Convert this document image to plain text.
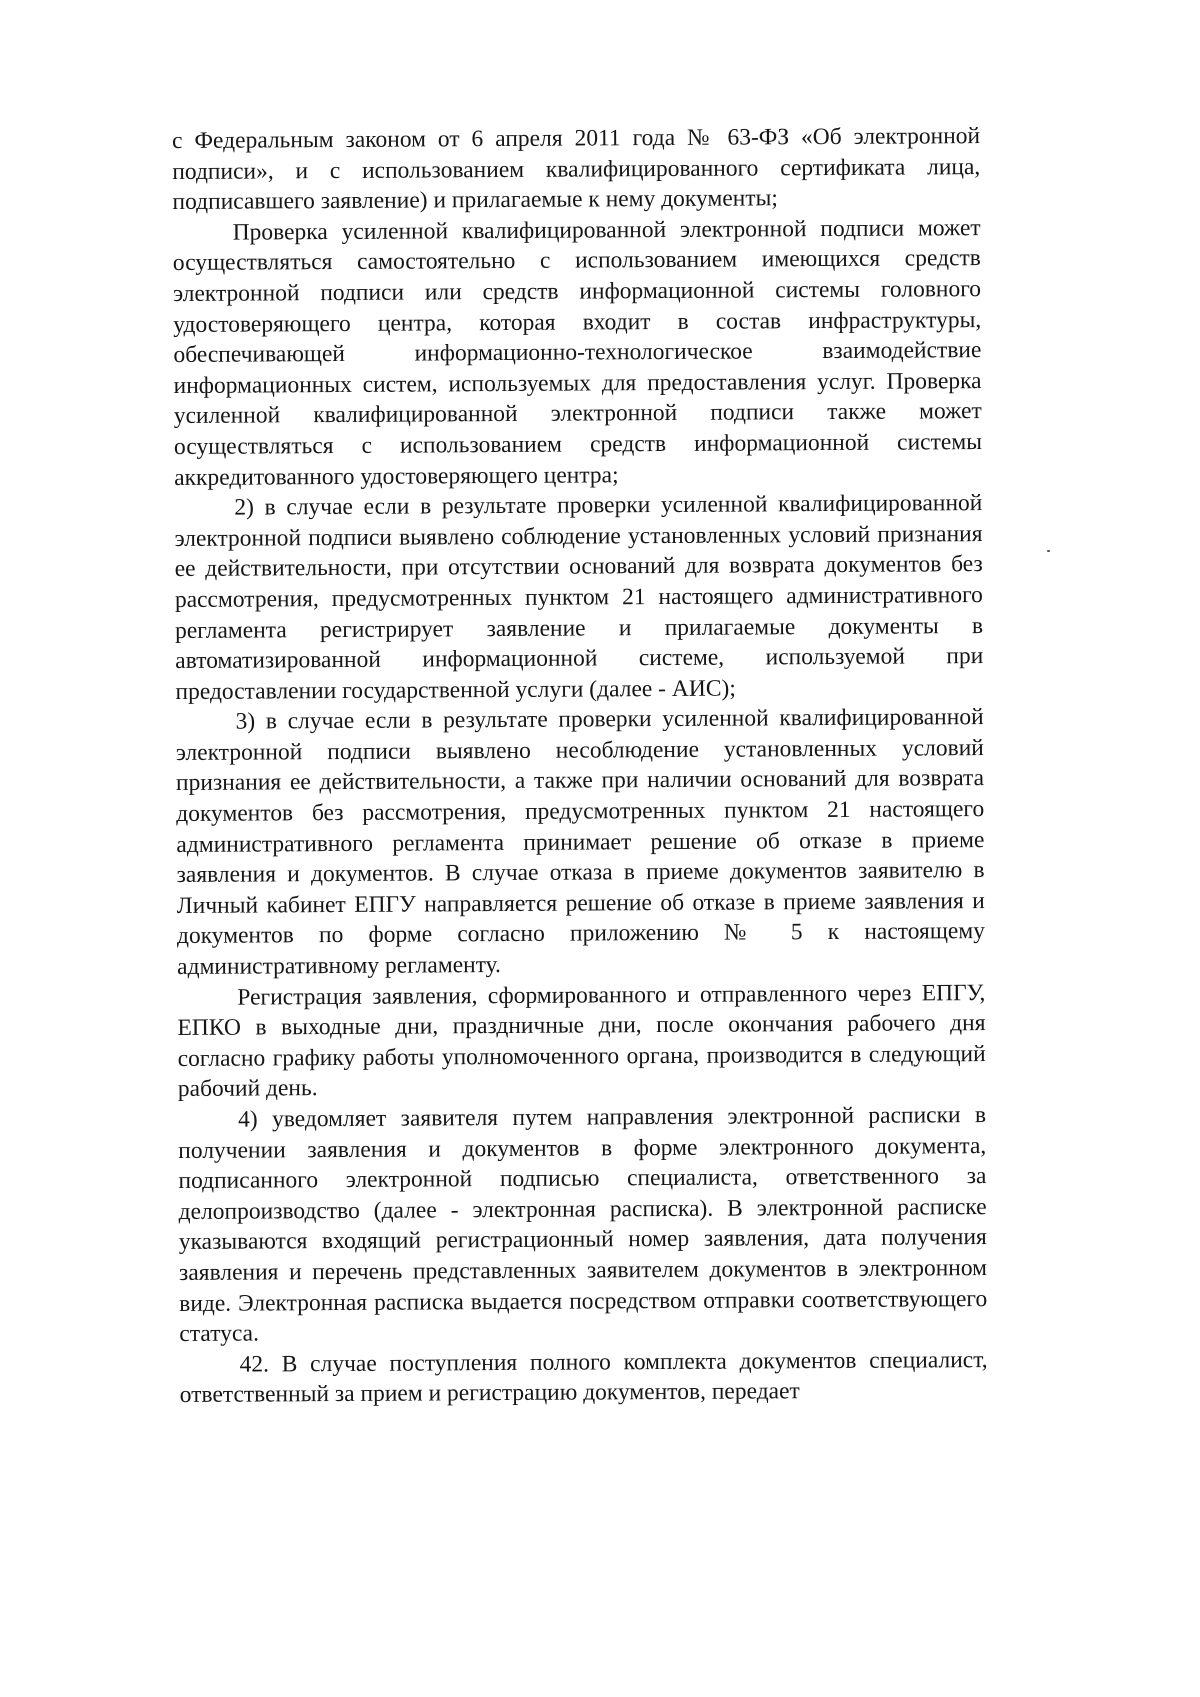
с Федеральным законом от 6 апреля 2011 года № 63-ФЗ «Об электронной подписи», и с использованием квалифицированного сертификата лица, подписавшего заявление) и прилагаемые к нему документы;

Проверка усиленной квалифицированной электронной подписи может осуществляться самостоятельно с использованием имеющихся средств электронной подписи или средств информационной системы головного удостоверяющего центра, которая входит в состав инфраструктуры, обеспечивающей информационно-технологическое взаимодействие информационных систем, используемых для предоставления услуг. Проверка усиленной квалифицированной электронной подписи также может осуществляться с использованием средств информационной системы аккредитованного удостоверяющего центра;

2) в случае если в результате проверки усиленной квалифицированной электронной подписи выявлено соблюдение установленных условий признания ее действительности, при отсутствии оснований для возврата документов без рассмотрения, предусмотренных пунктом 21 настоящего административного регламента регистрирует заявление и прилагаемые документы в автоматизированной информационной системе, используемой при предоставлении государственной услуги (далее - АИС);

3) в случае если в результате проверки усиленной квалифицированной электронной подписи выявлено несоблюдение установленных условий признания ее действительности, а также при наличии оснований для возврата документов без рассмотрения, предусмотренных пунктом 21 настоящего административного регламента принимает решение об отказе в приеме заявления и документов. В случае отказа в приеме документов заявителю в Личный кабинет ЕПГУ направляется решение об отказе в приеме заявления и документов по форме согласно приложению № 5 к настоящему административному регламенту.

Регистрация заявления, сформированного и отправленного через ЕПГУ, ЕПКО в выходные дни, праздничные дни, после окончания рабочего дня согласно графику работы уполномоченного органа, производится в следующий рабочий день.

4) уведомляет заявителя путем направления электронной расписки в получении заявления и документов в форме электронного документа, подписанного электронной подписью специалиста, ответственного за делопроизводство (далее - электронная расписка). В электронной расписке указываются входящий регистрационный номер заявления, дата получения заявления и перечень представленных заявителем документов в электронном виде. Электронная расписка выдается посредством отправки соответствующего статуса.

42. В случае поступления полного комплекта документов специалист, ответственный за прием и регистрацию документов, передает
